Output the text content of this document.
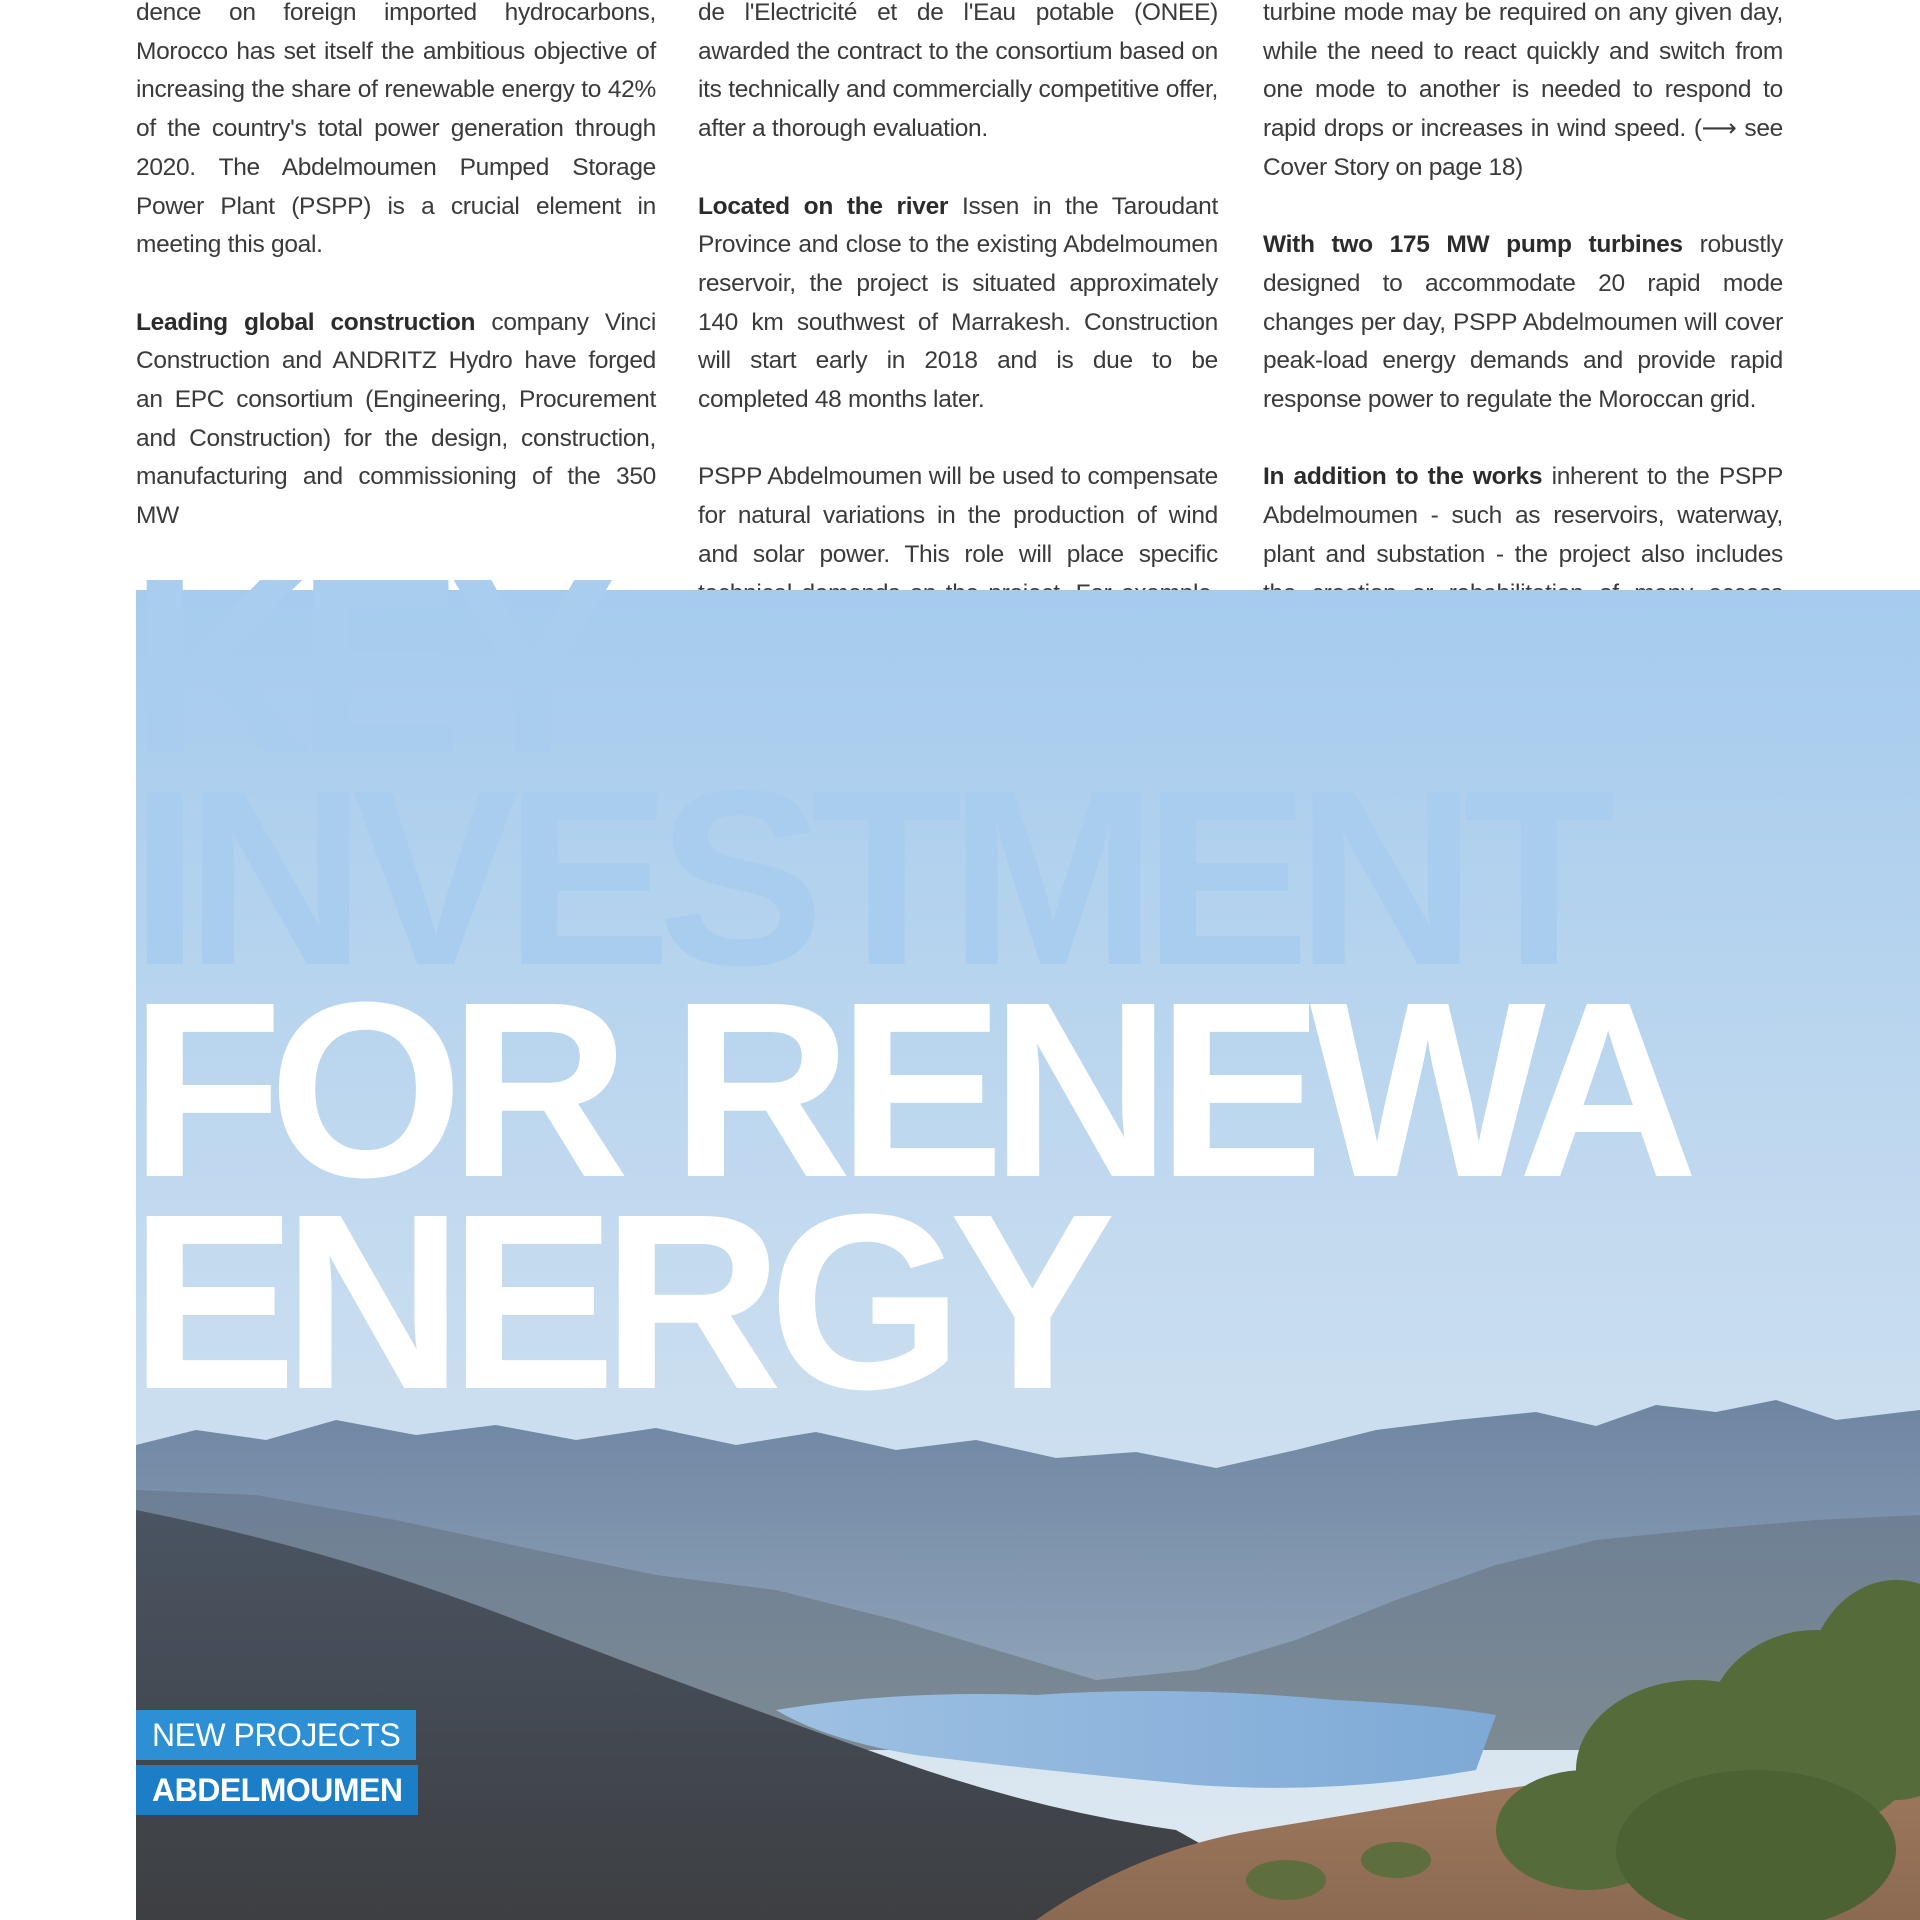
dence on foreign imported hydrocarbons, Morocco has set itself the ambitious objective of increasing the share of renewable energy to 42% of the country's total power generation through 2020. The Abdelmoumen Pumped Storage Power Plant (PSPP) is a crucial element in meeting this goal.

Leading global construction company Vinci Construction and ANDRITZ Hydro have forged an EPC consortium (Engineering, Procurement and Construction) for the design, construction, manufacturing and commissioning of the 350 MW

de l'Electricité et de l'Eau potable (ONEE) awarded the contract to the consortium based on its technically and commercially competitive offer, after a thorough evaluation.

Located on the river Issen in the Taroudant Province and close to the existing Abdelmoumen reservoir, the project is situated approximately 140 km southwest of Marrakesh. Construction will start early in 2018 and is due to be completed 48 months later.

PSPP Abdelmoumen will be used to compensate for natural variations in the production of wind and solar power. This role will place specific

turbine mode may be required on any given day, while the need to react quickly and switch from one mode to another is needed to respond to rapid drops or increases in wind speed. (⟶ see Cover Story on page 18)

With two 175 MW pump turbines robustly designed to accommodate 20 rapid mode changes per day, PSPP Abdelmoumen will cover peak-load energy demands and provide rapid response power to regulate the Moroccan grid.

In addition to the works inherent to the PSPP Abdelmoumen - such as reservoirs, waterway, plant and substation - the project also includes

KEY
INVESTMENT
FOR RENEWA
ENERGY
NEW PROJECTS
ABDELMOUMEN
